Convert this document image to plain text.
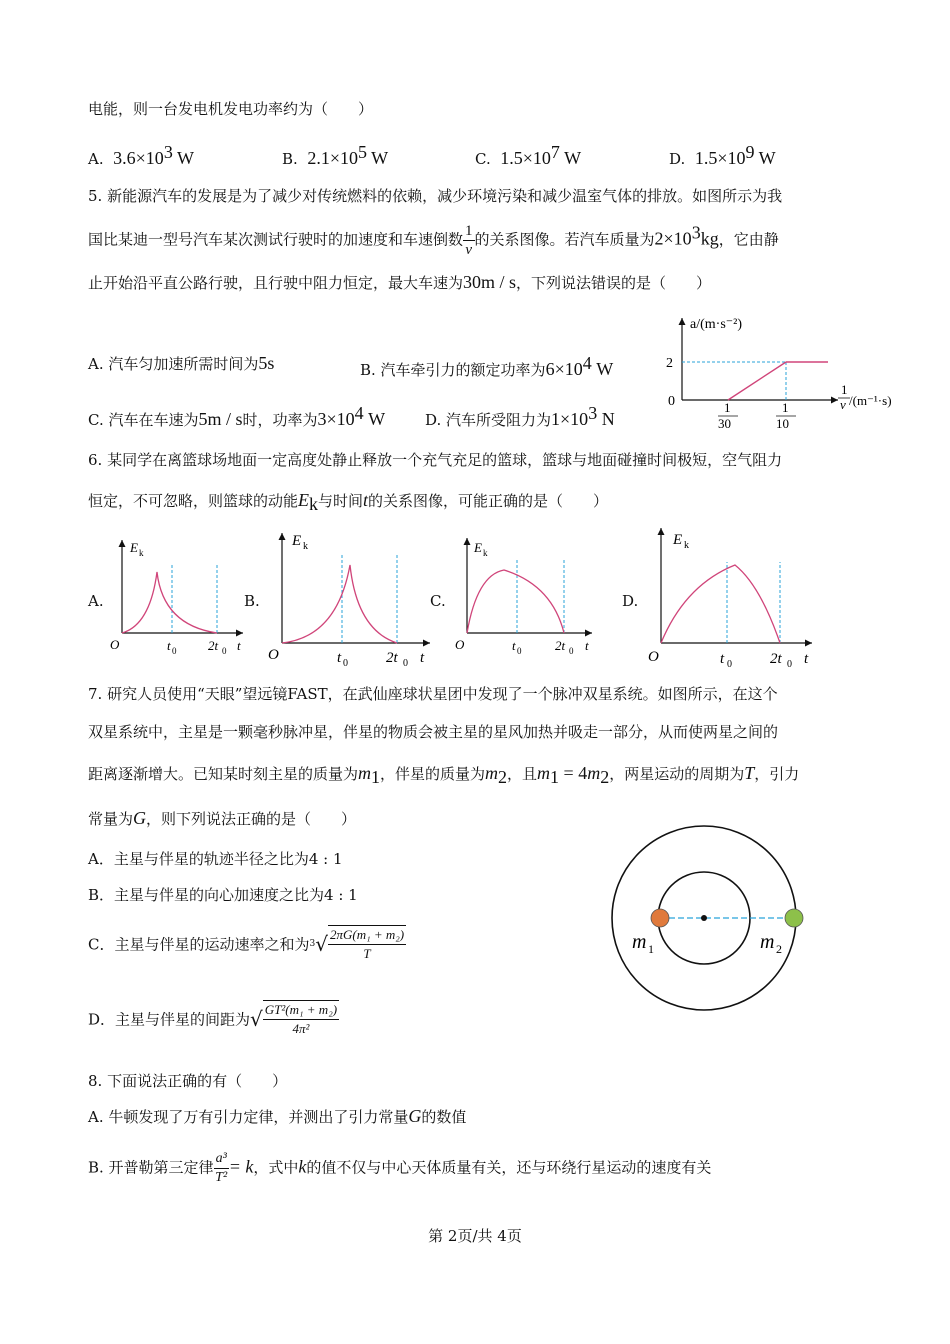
电能，则一台发电机发电功率约为（　　）
A. $3.6\times 10^3$ W	B. $2.1\times 10^5$ W	C. $1.5\times 10^7$ W	D. $1.5\times 10^9$ W
5. 新能源汽车的发展是为了减少对传统燃料的依赖，减少环境污染和减少温室气体的排放。如图所示为我
国比某迪一型号汽车某次测试行驶时的加速度和车速倒数 $\frac{1}{v}$ 的关系图像。若汽车质量为$2\times 10^3kg$，它由静
止开始沿平直公路行驶，且行驶中阻力恒定，最大车速为30m / s，下列说法错误的是（　　）
A. 汽车匀加速所需时间为5s	B. 汽车牵引力的额定功率为$6\times 10^4$ W
C. 汽车在车速为5m / s时，功率为$3\times 10^4$ W	D. 汽车所受阻力为$1\times 10^3$ N
a/(m·s⁻²)
2
0	1
30
1
10
1
v /(m⁻¹·s)
6. 某同学在离篮球场地面一定高度处静止释放一个充气充足的篮球，篮球与地面碰撞时间极短，空气阻力
恒定，不可忽略，则篮球的动能$E_k$与时间t的关系图像，可能正确的是（　　）
A.
E k
O	t 0 2t 0 t
B.
E k
O	t 0	2t 0 t
C.
E k
O	t 0	2t 0 t
D.
E k
O	t 0	2t 0 t
7. 研究人员使用“天眼”望远镜FAST，在武仙座球状星团中发现了一个脉冲双星系统。如图所示，在这个
双星系统中，主星是一颗毫秒脉冲星，伴星的物质会被主星的星风加热并吸走一部分，从而使两星之间的
距离逐渐增大。已知某时刻主星的质量为$m_1$，伴星的质量为$m_2$，且$m_1 = 4m_2$，两星运动的周期为T，引力
常量为G，则下列说法正确的是（　　）
A．主星与伴星的轨迹半径之比为4 : 1
B．主星与伴星的向心加速度之比为4 : 1
C．主星与伴星的运动速率之和为$3√ \frac{\text{2πG(m₁ + m₂)}}{T}$
D．主星与伴星的间距为√ $\frac{\text{GT²(m₁ + m₂)}}{\text{4π²}}$
m 1	m 2
8. 下面说法正确的有（　　）
A. 牛顿发现了万有引力定律，并测出了引力常量G的数值
B. 开普勒第三定律 $\frac{\text{a³}}{\text{T²}} = k$，式中k的值不仅与中心天体质量有关，还与环绕行星运动的速度有关
第 2页/共 4页
